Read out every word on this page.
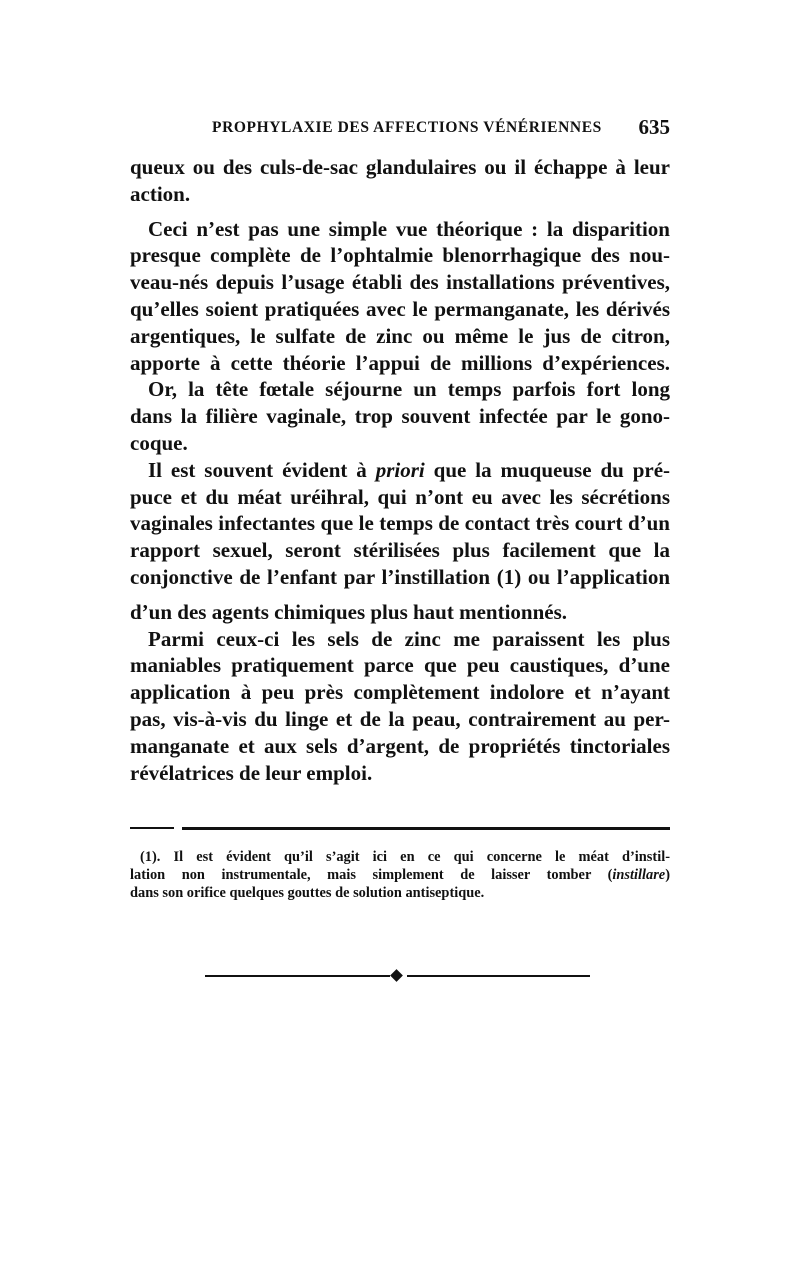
PROPHYLAXIE DES AFFECTIONS VÉNÉRIENNES 635
queux ou des culs-de-sac glandulaires ou il échappe à leur
action.
Ceci n’est pas une simple vue théorique : la disparition
presque complète de l’ophtalmie blenorrhagique des nou-
veau-nés depuis l’usage établi des installations préventives,
qu’elles soient pratiquées avec le permanganate, les dérivés
argentiques, le sulfate de zinc ou même le jus de citron,
apporte à cette théorie l’appui de millions d’expériences.
Or, la tête fœtale séjourne un temps parfois fort long
dans la filière vaginale, trop souvent infectée par le gono-
coque.
Il est souvent évident à priori que la muqueuse du pré-
puce et du méat uréihral, qui n’ont eu avec les sécrétions
vaginales infectantes que le temps de contact très court d’un
rapport sexuel, seront stérilisées plus facilement que la
conjonctive de l’enfant par l’instillation (1) ou l’application
d’un des agents chimiques plus haut mentionnés.
Parmi ceux-ci les sels de zinc me paraissent les plus
maniables pratiquement parce que peu caustiques, d’une
application à peu près complètement indolore et n’ayant
pas, vis-à-vis du linge et de la peau, contrairement au per-
manganate et aux sels d’argent, de propriétés tinctoriales
révélatrices de leur emploi.
(1). Il est évident qu’il s’agit ici en ce qui concerne le méat d’instil-
lation non instrumentale, mais simplement de laisser tomber (instillare)
dans son orifice quelques gouttes de solution antiseptique.
